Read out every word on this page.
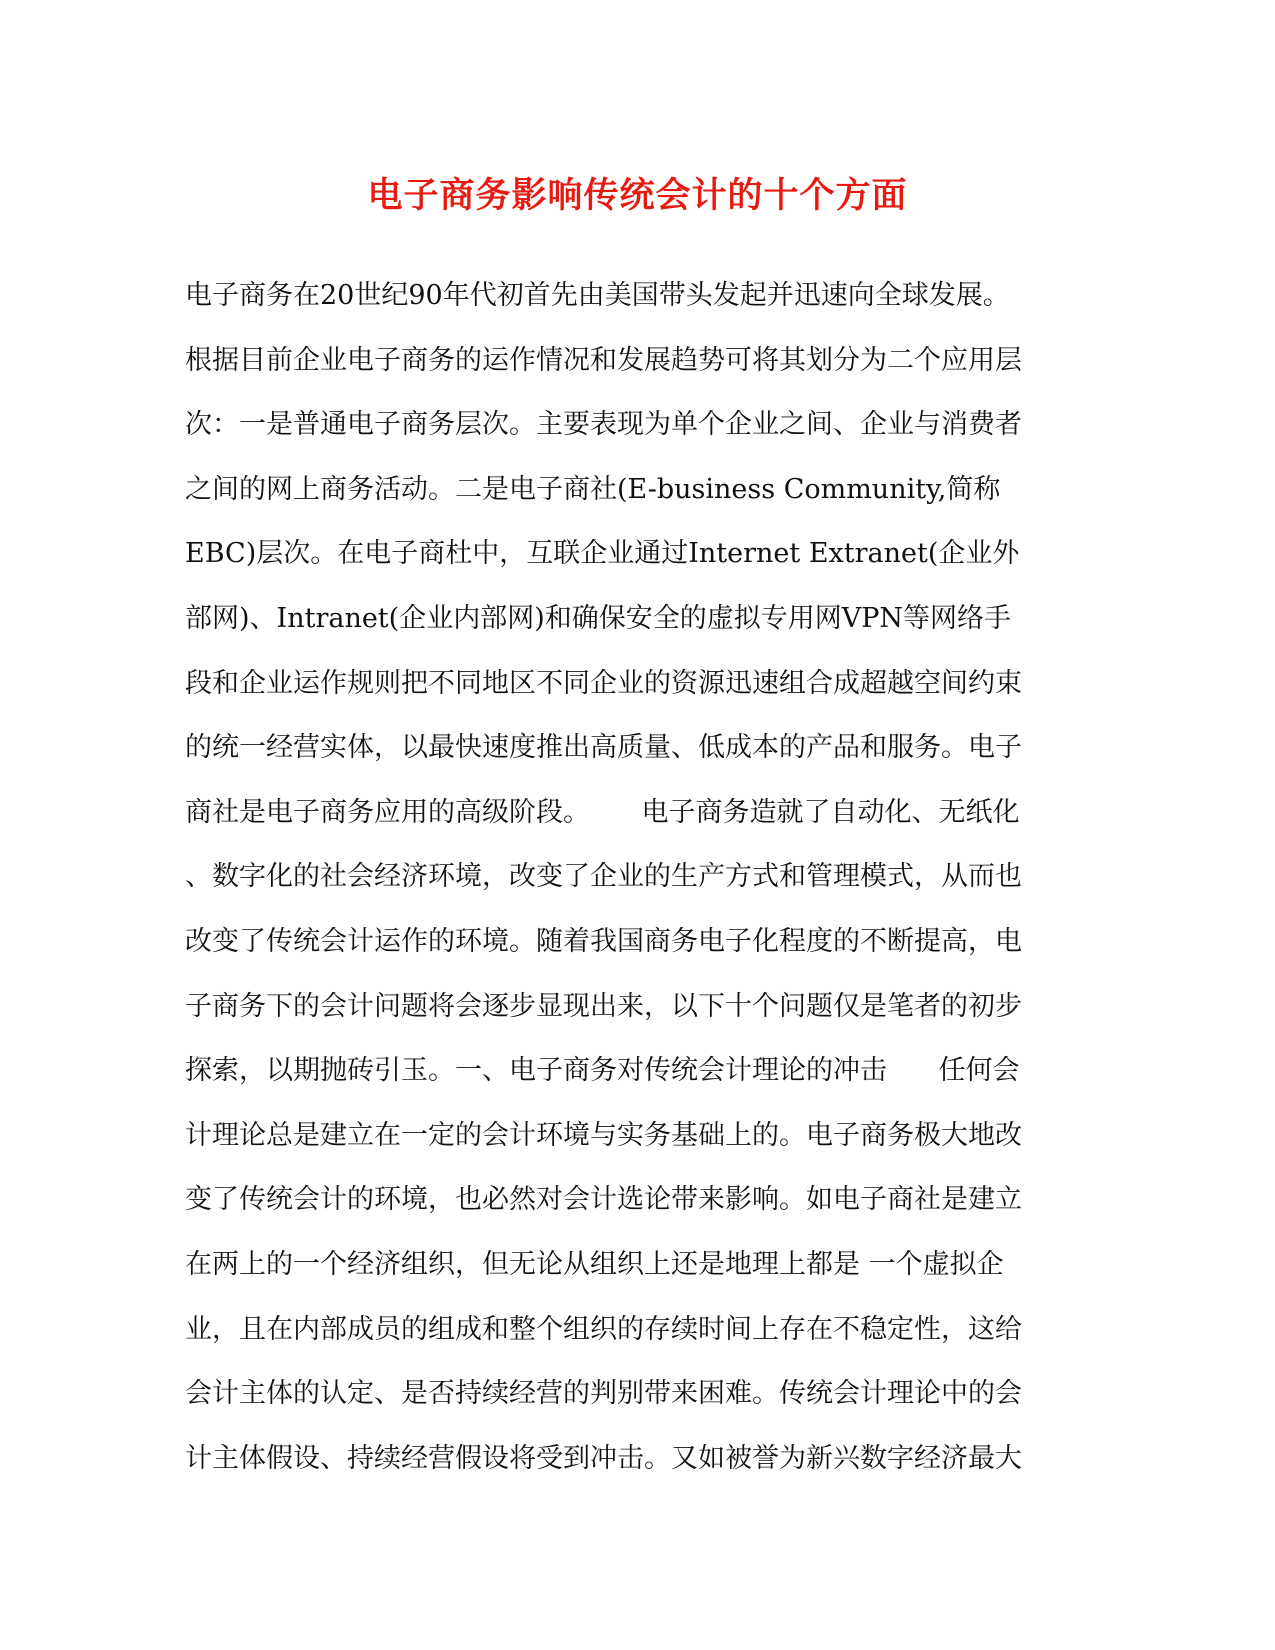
电子商务影响传统会计的十个方面
电子商务在20世纪90年代初首先由美国带头发起并迅速向全球发展。
根据目前企业电子商务的运作情况和发展趋势可将其划分为二个应用层
次：一是普通电子商务层次。主要表现为单个企业之间、企业与消费者
之间的网上商务活动。二是电子商社(E-business Community,简称
EBC)层次。在电子商杜中，互联企业通过Internet Extranet(企业外
部网)、Intranet(企业内部网)和确保安全的虚拟专用网VPN等网络手
段和企业运作规则把不同地区不同企业的资源迅速组合成超越空间约束
的统一经营实体，以最快速度推出高质量、低成本的产品和服务。电子
商社是电子商务应用的高级阶段。      电子商务造就了自动化、无纸化
、数字化的社会经济环境，改变了企业的生产方式和管理模式，从而也
改变了传统会计运作的环境。随着我国商务电子化程度的不断提高，电
子商务下的会计问题将会逐步显现出来，以下十个问题仅是笔者的初步
探索，以期抛砖引玉。一、电子商务对传统会计理论的冲击      任何会
计理论总是建立在一定的会计环境与实务基础上的。电子商务极大地改
变了传统会计的环境，也必然对会计选论带来影响。如电子商社是建立
在两上的一个经济组织，但无论从组织上还是地理上都是 一个虚拟企
业，且在内部成员的组成和整个组织的存续时间上存在不稳定性，这给
会计主体的认定、是否持续经营的判别带来困难。传统会计理论中的会
计主体假设、持续经营假设将受到冲击。又如被誉为新兴数字经济最大
